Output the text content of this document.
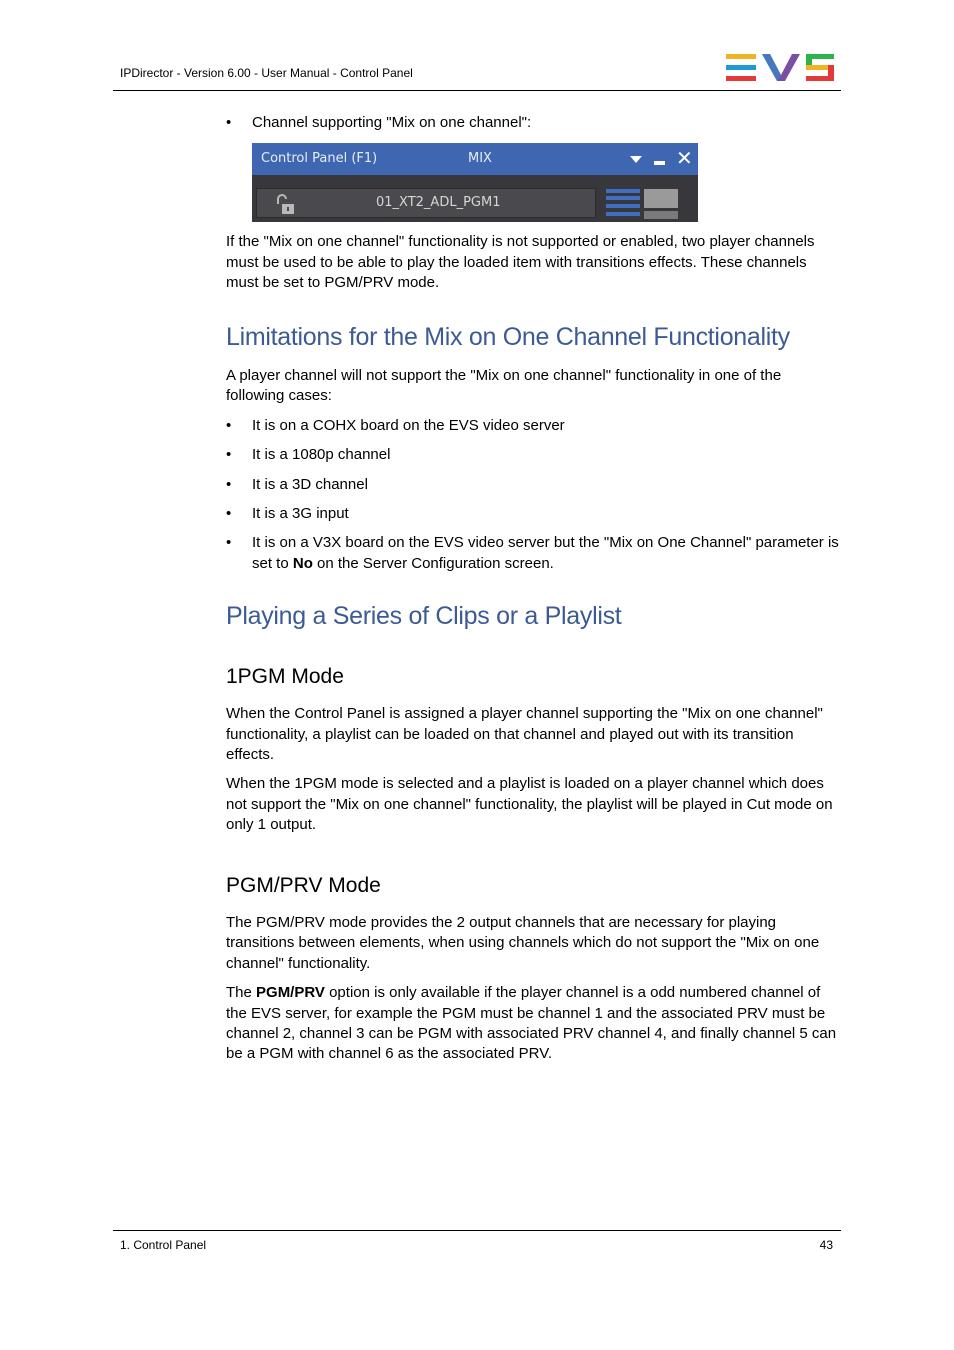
IPDirector - Version 6.00 - User Manual - Control Panel
• Channel supporting "Mix on one channel":
Control Panel (F1)	MIX	✕
01_XT2_ADL_PGM1

If the "Mix on one channel" functionality is not supported or enabled, two player channels must be used to be able to play the loaded item with transitions effects. These channels must be set to PGM/PRV mode.

Limitations for the Mix on One Channel Functionality

A player channel will not support the "Mix on one channel" functionality in one of the following cases:

• It is on a COHX board on the EVS video server
• It is a 1080p channel
• It is a 3D channel
• It is a 3G input
• It is on a V3X board on the EVS video server but the "Mix on One Channel" parameter is set to No on the Server Configuration screen.
Playing a Series of Clips or a Playlist
1PGM Mode

When the Control Panel is assigned a player channel supporting the "Mix on one channel" functionality, a playlist can be loaded on that channel and played out with its transition effects.

When the 1PGM mode is selected and a playlist is loaded on a player channel which does not support the "Mix on one channel" functionality, the playlist will be played in Cut mode on only 1 output.

PGM/PRV Mode

The PGM/PRV mode provides the 2 output channels that are necessary for playing transitions between elements, when using channels which do not support the "Mix on one channel" functionality.

The PGM/PRV option is only available if the player channel is a odd numbered channel of the EVS server, for example the PGM must be channel 1 and the associated PRV must be channel 2, channel 3 can be PGM with associated PRV channel 4, and finally channel 5 can be a PGM with channel 6 as the associated PRV.

1. Control Panel	43
